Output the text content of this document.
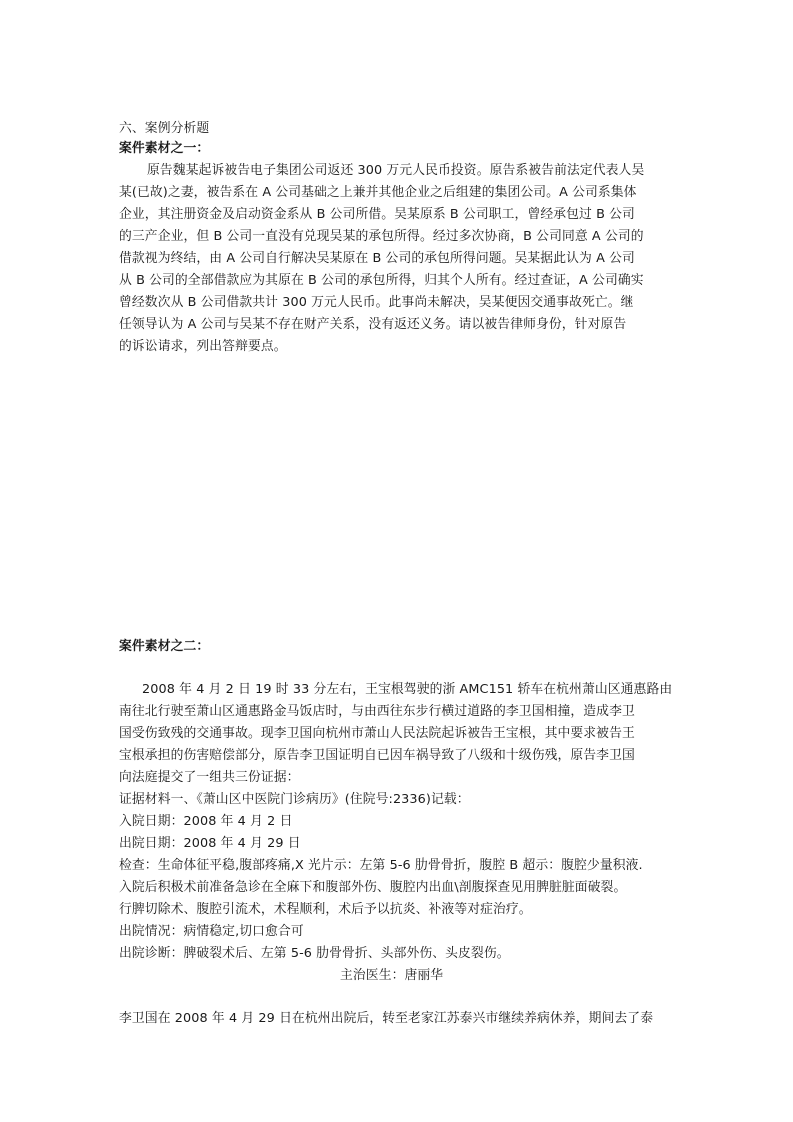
六、案例分析题
案件素材之一：
原告魏某起诉被告电子集团公司返还 300 万元人民币投资。原告系被告前法定代表人吴
某(已故)之妻，被告系在 A 公司基础之上兼并其他企业之后组建的集团公司。A 公司系集体
企业，其注册资金及启动资金系从 B 公司所借。吴某原系 B 公司职工，曾经承包过 B 公司
的三产企业，但 B 公司一直没有兑现吴某的承包所得。经过多次协商，B 公司同意 A 公司的
借款视为终结，由 A 公司自行解决吴某原在 B 公司的承包所得问题。吴某据此认为 A 公司
从 B 公司的全部借款应为其原在 B 公司的承包所得，归其个人所有。经过查证，A 公司确实
曾经数次从 B 公司借款共计 300 万元人民币。此事尚未解决，吴某便因交通事故死亡。继
任领导认为 A 公司与吴某不存在财产关系，没有返还义务。请以被告律师身份，针对原告
的诉讼请求，列出答辩要点。
案件素材之二：
2008 年 4 月 2 日 19 时 33 分左右，王宝根驾驶的浙 AMC151 轿车在杭州萧山区通惠路由
南往北行驶至萧山区通惠路金马饭店时，与由西往东步行横过道路的李卫国相撞，造成李卫
国受伤致残的交通事故。现李卫国向杭州市萧山人民法院起诉被告王宝根，其中要求被告王
宝根承担的伤害赔偿部分，原告李卫国证明自已因车祸导致了八级和十级伤残，原告李卫国
向法庭提交了一组共三份证据：
证据材料一、《萧山区中医院门诊病历》(住院号:2336)记载：
入院日期：2008 年 4 月 2 日
出院日期：2008 年 4 月 29 日
检查：生命体征平稳,腹部疼痛,X 光片示：左第 5-6 肋骨骨折，腹腔 B 超示：腹腔少量积液.
入院后积极术前准备急诊在全麻下和腹部外伤、腹腔内出血\剖腹探查见用脾脏脏面破裂。
行脾切除术、腹腔引流术，术程顺利，术后予以抗炎、补液等对症治疗。
出院情况：病情稳定,切口愈合可
出院诊断：脾破裂术后、左第 5-6 肋骨骨折、头部外伤、头皮裂伤。
主治医生：唐丽华
李卫国在 2008 年 4 月 29 日在杭州出院后，转至老家江苏泰兴市继续养病休养，期间去了泰
